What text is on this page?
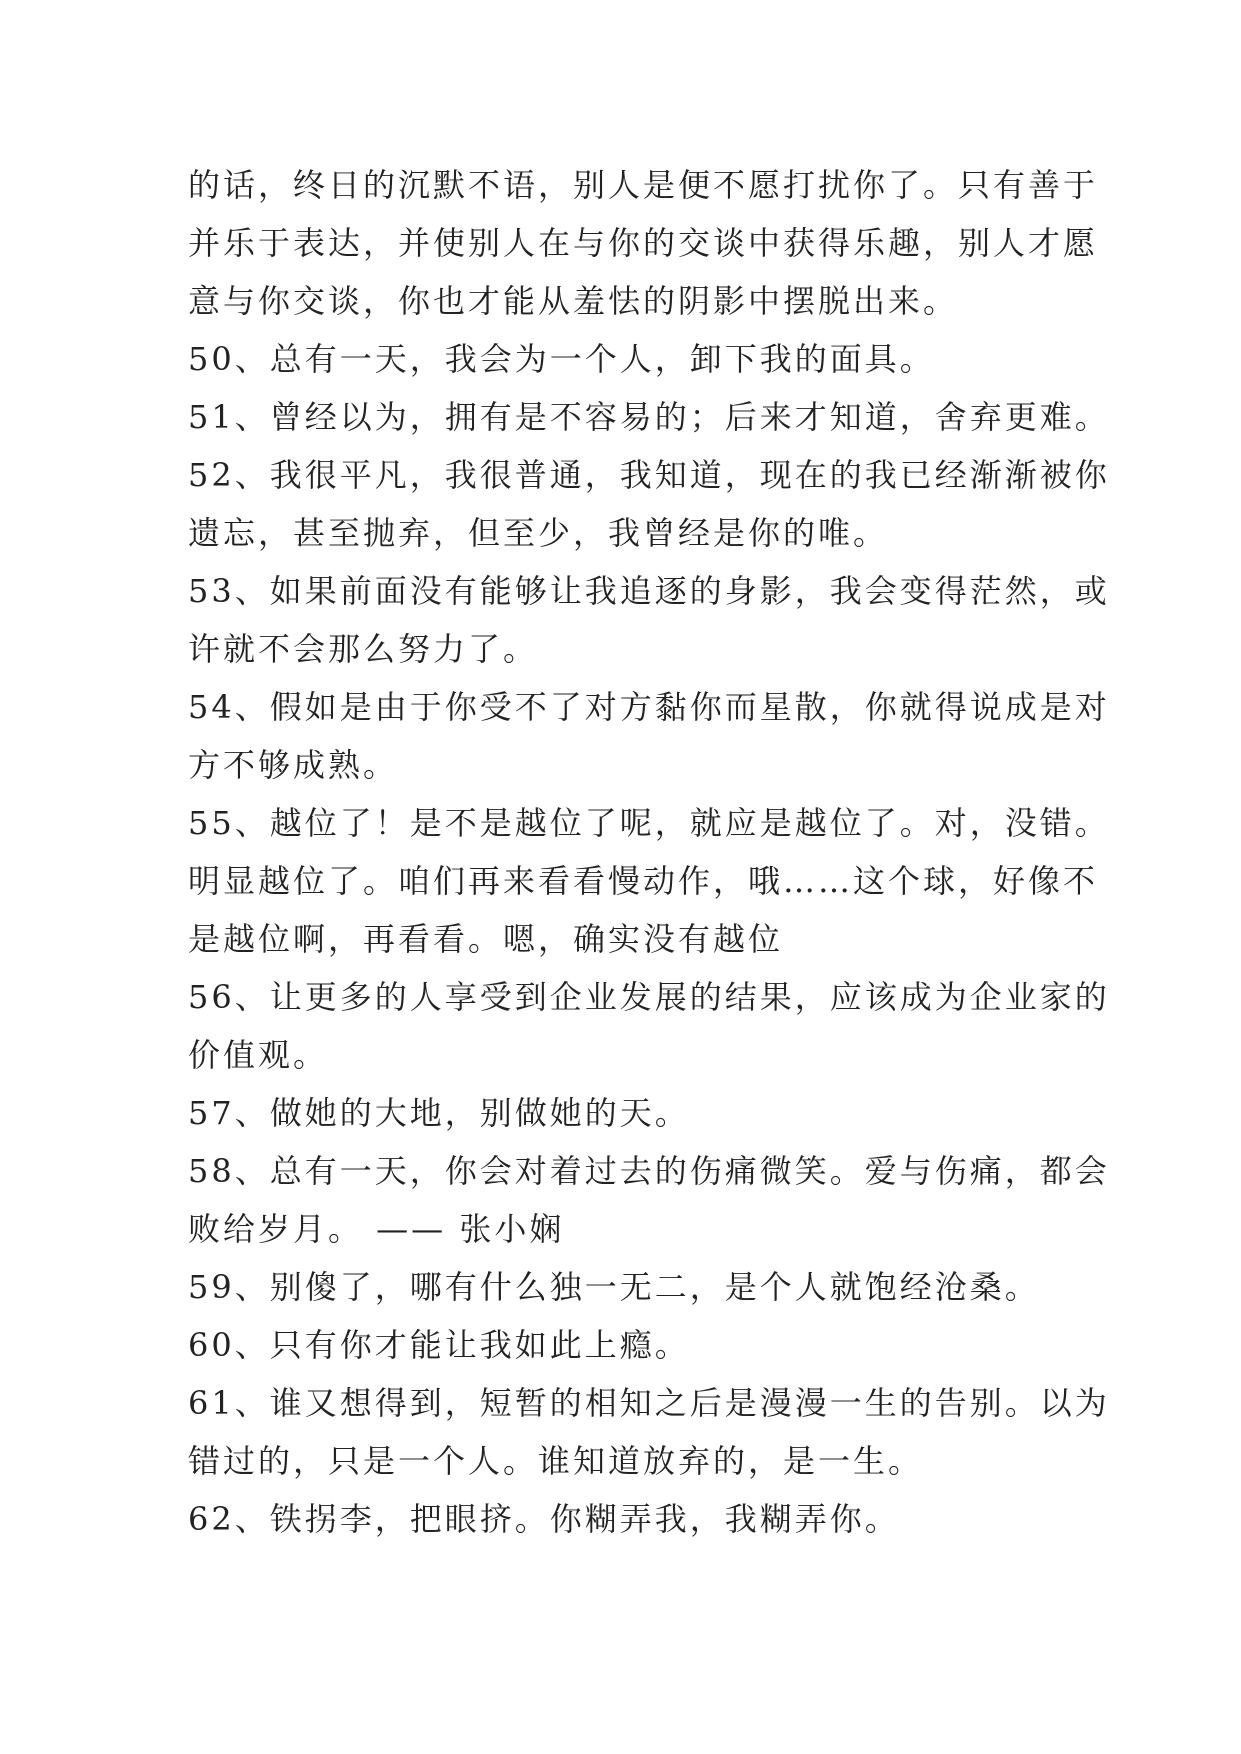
的话，终日的沉默不语，别人是便不愿打扰你了。只有善于
并乐于表达，并使别人在与你的交谈中获得乐趣，别人才愿
意与你交谈，你也才能从羞怯的阴影中摆脱出来。
50、总有一天，我会为一个人，卸下我的面具。
51、曾经以为，拥有是不容易的；后来才知道，舍弃更难。
52、我很平凡，我很普通，我知道，现在的我已经渐渐被你
遗忘，甚至抛弃，但至少，我曾经是你的唯。
53、如果前面没有能够让我追逐的身影，我会变得茫然，或
许就不会那么努力了。
54、假如是由于你受不了对方黏你而星散，你就得说成是对
方不够成熟。
55、越位了！是不是越位了呢，就应是越位了。对，没错。
明显越位了。咱们再来看看慢动作，哦……这个球，好像不
是越位啊，再看看。嗯，确实没有越位
56、让更多的人享受到企业发展的结果，应该成为企业家的
价值观。
57、做她的大地，别做她的天。
58、总有一天，你会对着过去的伤痛微笑。爱与伤痛，都会
败给岁月。 —— 张小娴
59、别傻了，哪有什么独一无二，是个人就饱经沧桑。
60、只有你才能让我如此上瘾。
61、谁又想得到，短暂的相知之后是漫漫一生的告别。以为
错过的，只是一个人。谁知道放弃的，是一生。
62、铁拐李，把眼挤。你糊弄我，我糊弄你。
